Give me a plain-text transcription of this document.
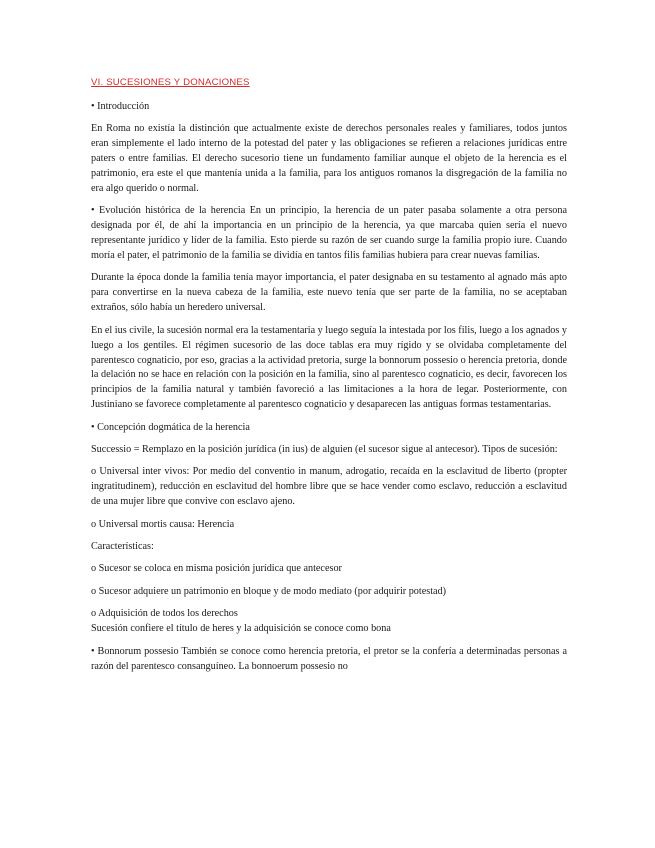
VI. SUCESIONES Y DONACIONES

• Introducción

En Roma no existía la distinción que actualmente existe de derechos personales reales y familiares, todos juntos eran simplemente el lado interno de la potestad del pater y las obligaciones se refieren a relaciones jurídicas entre paters o entre familias. El derecho sucesorio tiene un fundamento familiar aunque el objeto de la herencia es el patrimonio, era este el que mantenía unida a la familia, para los antiguos romanos la disgregación de la familia no era algo querido o normal.

• Evolución histórica de la herencia En un principio, la herencia de un pater pasaba solamente a otra persona designada por él, de ahí la importancia en un principio de la herencia, ya que marcaba quien sería el nuevo representante jurídico y líder de la familia. Esto pierde su razón de ser cuando surge la familia propio iure. Cuando moría el pater, el patrimonio de la familia se dividía en tantos filis familias hubiera para crear nuevas familias.

Durante la época donde la familia tenía mayor importancia, el pater designaba en su testamento al agnado más apto para convertirse en la nueva cabeza de la familia, este nuevo tenía que ser parte de la familia, no se aceptaban extraños, sólo había un heredero universal.

En el ius civile, la sucesión normal era la testamentaria y luego seguía la intestada por los filis, luego a los agnados y luego a los gentiles. El régimen sucesorio de las doce tablas era muy rígido y se olvidaba completamente del parentesco cognaticio, por eso, gracias a la actividad pretoria, surge la bonnorum possesio o herencia pretoria, donde la delación no se hace en relación con la posición en la familia, sino al parentesco cognaticio, es decir, favorecen los principios de la familia natural y también favoreció a las limitaciones a la hora de legar. Posteriormente, con Justiniano se favorece completamente al parentesco cognaticio y desaparecen las antiguas formas testamentarias.

• Concepción dogmática de la herencia

Successio = Remplazo en la posición jurídica (in ius) de alguien (el sucesor sigue al antecesor). Tipos de sucesión:

o Universal inter vivos: Por medio del conventio in manum, adrogatio, recaída en la esclavitud de liberto (propter ingratitudinem), reducción en esclavitud del hombre libre que se hace vender como esclavo, reducción a esclavitud de una mujer libre que convive con esclavo ajeno.

o Universal mortis causa: Herencia

Características:

o Sucesor se coloca en misma posición jurídica que antecesor

o Sucesor adquiere un patrimonio en bloque y de modo mediato (por adquirir potestad)

o Adquisición de todos los derechos
Sucesión confiere el título de heres y la adquisición se conoce como bona

• Bonnorum possesio También se conoce como herencia pretoria, el pretor se la confería a determinadas personas a razón del parentesco consanguíneo. La bonnoerum possesio no
